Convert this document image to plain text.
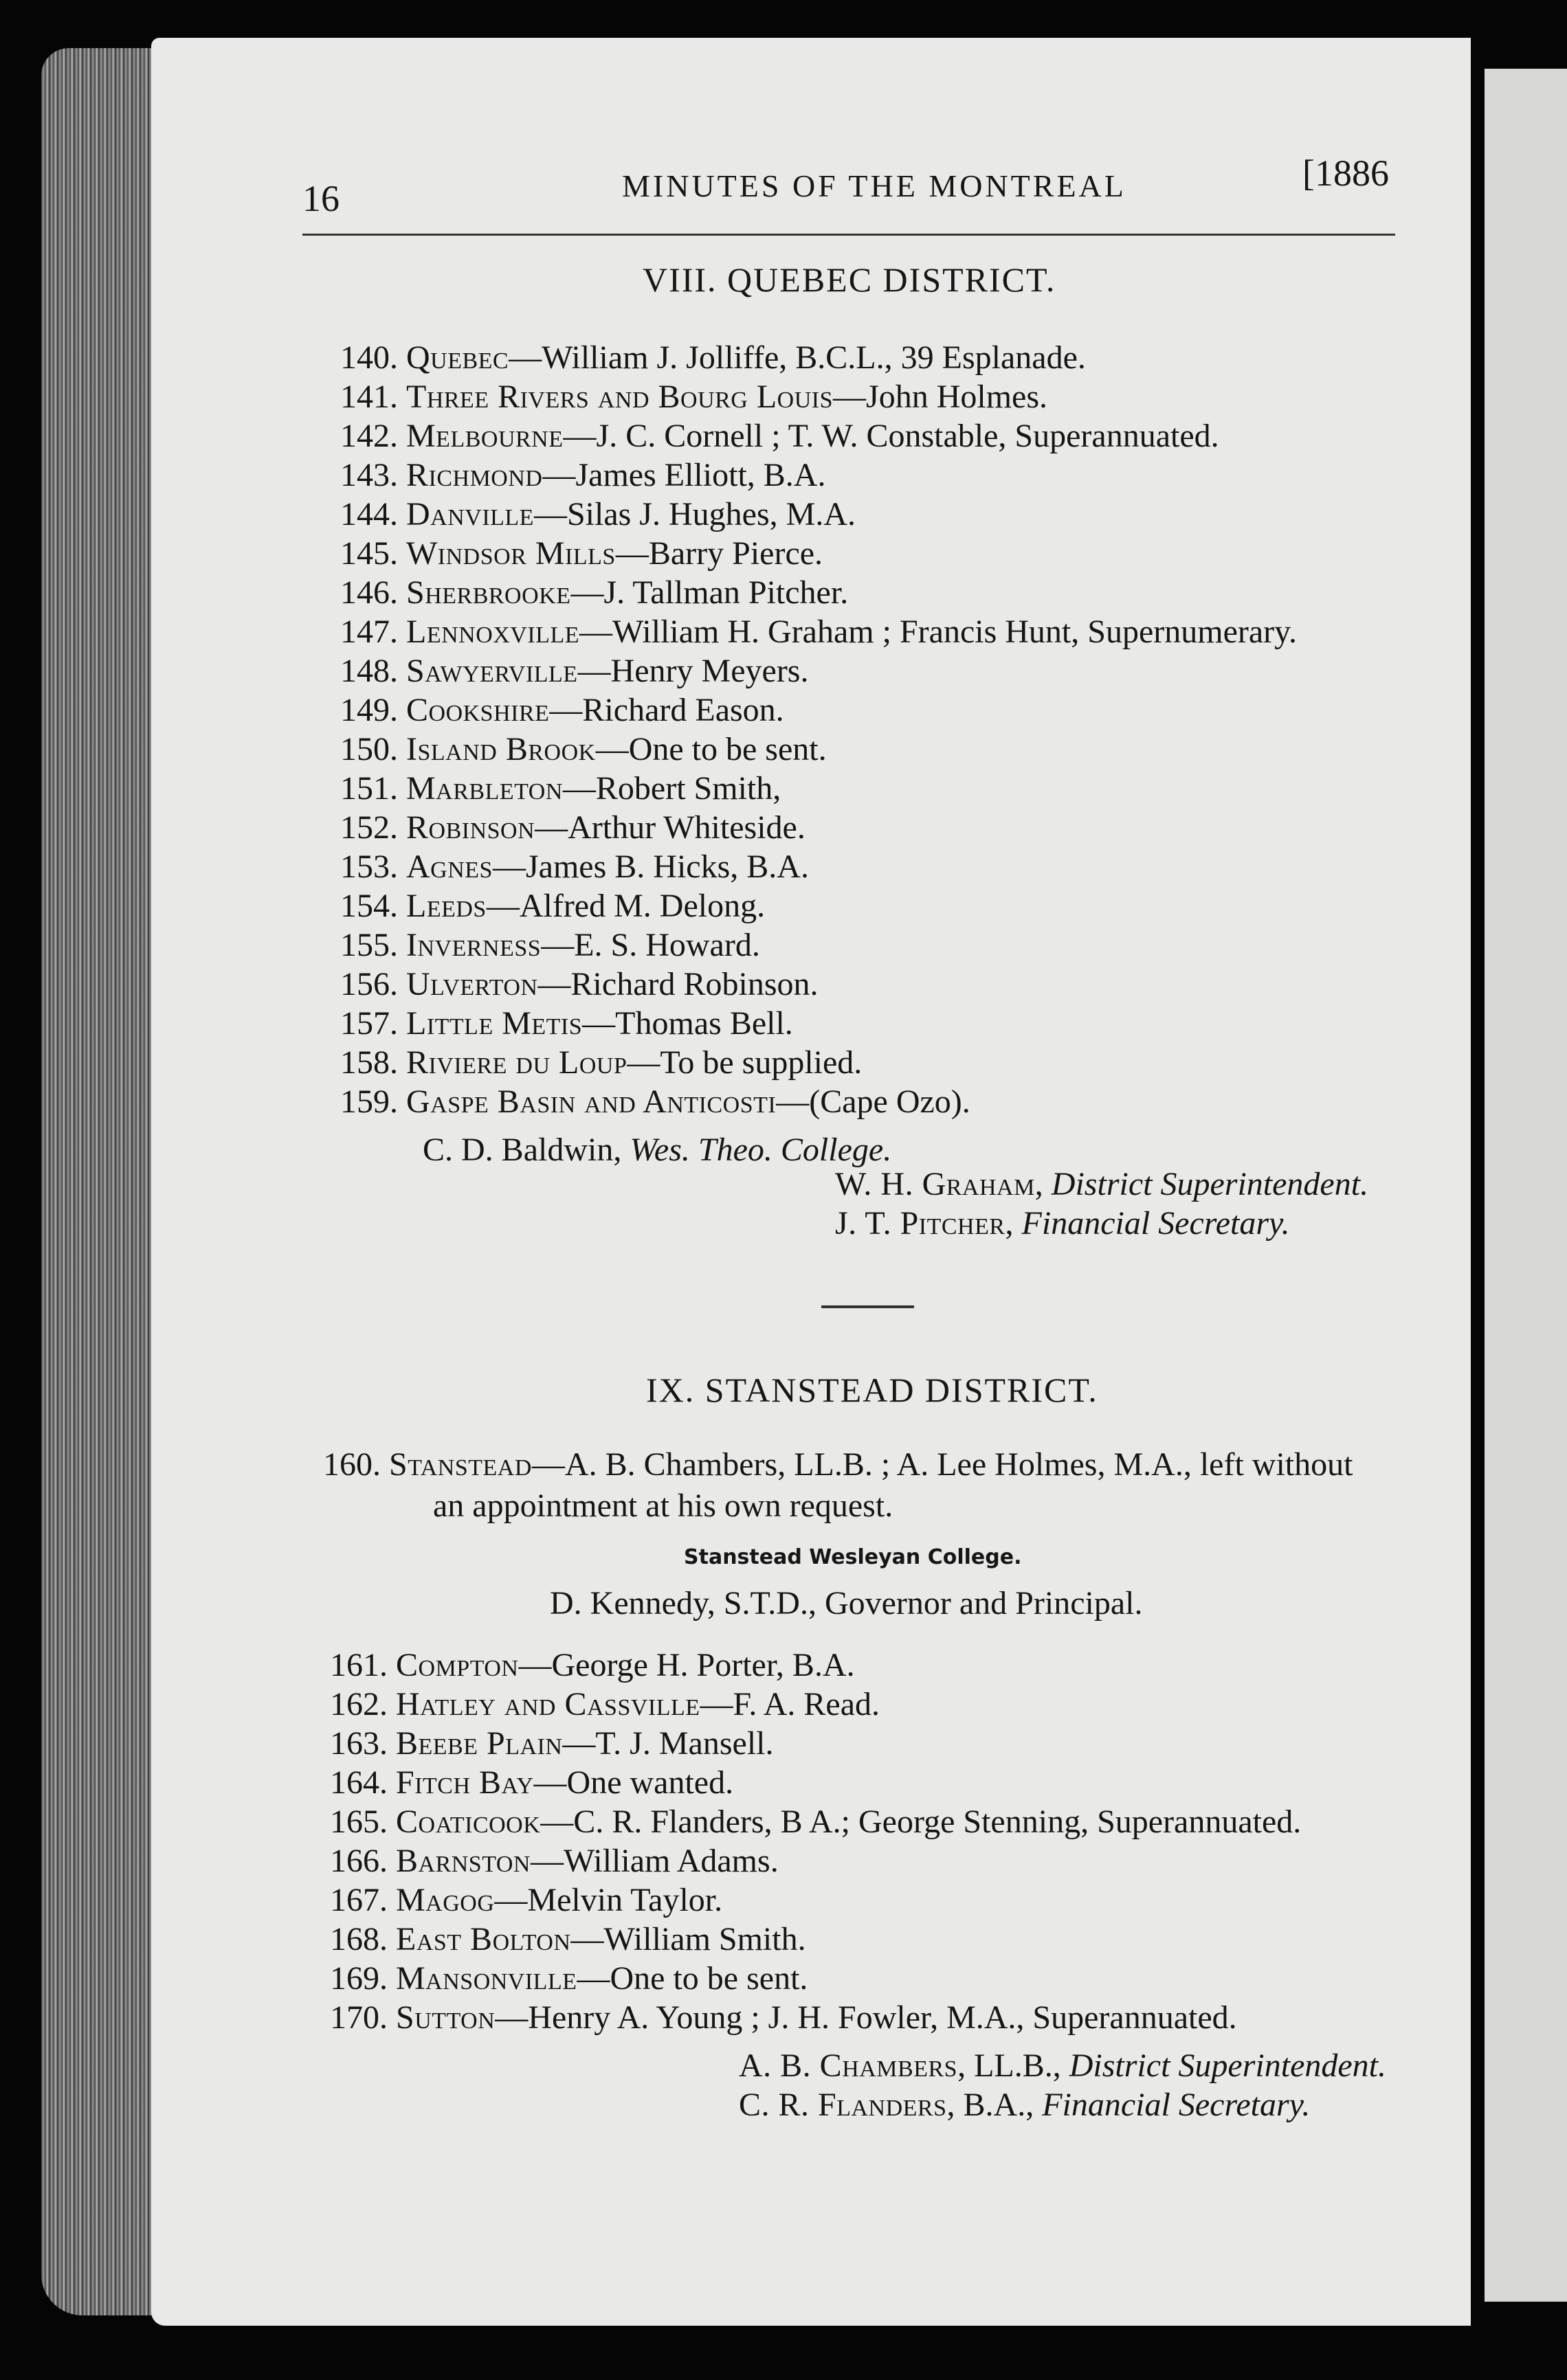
16	MINUTES OF THE MONTREAL	[1886
VIII. QUEBEC DISTRICT.
140. Quebec—William J. Jolliffe, B.C.L., 39 Esplanade.
141. Three Rivers and Bourg Louis—John Holmes.
142. Melbourne—J. C. Cornell ; T. W. Constable, Superannuated.
143. Richmond—James Elliott, B.A.
144. Danville—Silas J. Hughes, M.A.
145. Windsor Mills—Barry Pierce.
146. Sherbrooke—J. Tallman Pitcher.
147. Lennoxville—William H. Graham ; Francis Hunt, Supernumerary.
148. Sawyerville—Henry Meyers.
149. Cookshire—Richard Eason.
150. Island Brook—One to be sent.
151. Marbleton—Robert Smith,
152. Robinson—Arthur Whiteside.
153. Agnes—James B. Hicks, B.A.
154. Leeds—Alfred M. Delong.
155. Inverness—E. S. Howard.
156. Ulverton—Richard Robinson.
157. Little Metis—Thomas Bell.
158. Riviere du Loup—To be supplied.
159. Gaspe Basin and Anticosti—(Cape Ozo).
C. D. Baldwin, Wes. Theo. College.
W. H. Graham, District Superintendent.
J. T. Pitcher, Financial Secretary.
IX. STANSTEAD DISTRICT.
160. Stanstead—A. B. Chambers, LL.B. ; A. Lee Holmes, M.A., left without
an appointment at his own request.
Stanstead Wesleyan College.
D. Kennedy, S.T.D., Governor and Principal.
161. Compton—George H. Porter, B.A.
162. Hatley and Cassville—F. A. Read.
163. Beebe Plain—T. J. Mansell.
164. Fitch Bay—One wanted.
165. Coaticook—C. R. Flanders, B A.; George Stenning, Superannuated.
166. Barnston—William Adams.
167. Magog—Melvin Taylor.
168. East Bolton—William Smith.
169. Mansonville—One to be sent.
170. Sutton—Henry A. Young ; J. H. Fowler, M.A., Superannuated.
A. B. Chambers, LL.B., District Superintendent.
C. R. Flanders, B.A., Financial Secretary.
